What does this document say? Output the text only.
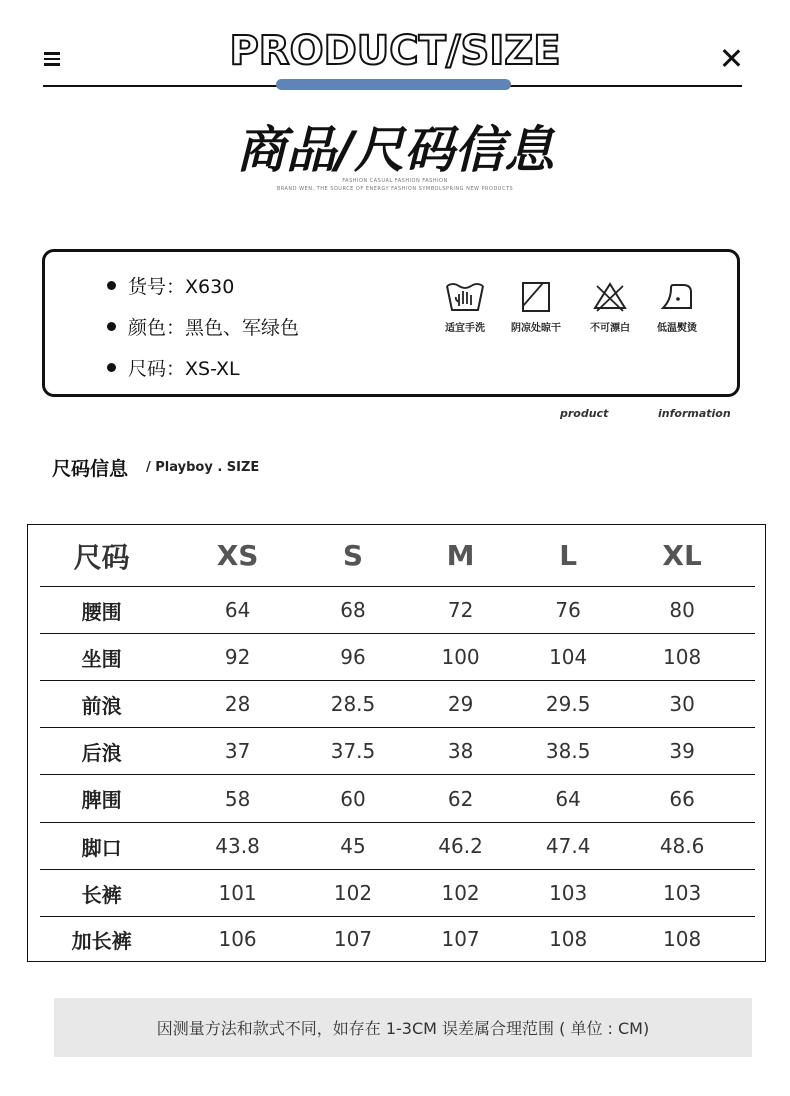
PRODUCT/SIZE
商品/尺码信息
FASHION CASUAL FASHION FASHION
BRAND WEN, THE SOURCE OF ENERGY FASHION SYMBOLSPRING NEW PRODUCTS
货号：X630
颜色：黑色、军绿色
尺码：XS-XL
适宜手洗	阴凉处晾干	不可漂白	低温熨烫
product	information
尺码信息 / Playboy . SIZE
尺码	XS	S	M	L	XL
腰围	64	68	72	76	80
坐围	92	96	100	104	108
前浪	28	28.5	29	29.5	30
后浪	37	37.5	38	38.5	39
脾围	58	60	62	64	66
脚口	43.8	45	46.2	47.4	48.6
长裤	101	102	102	103	103
加长裤	106	107	107	108	108
因测量方法和款式不同，如存在 1-3CM 误差属合理范围 ( 单位 : CM)
